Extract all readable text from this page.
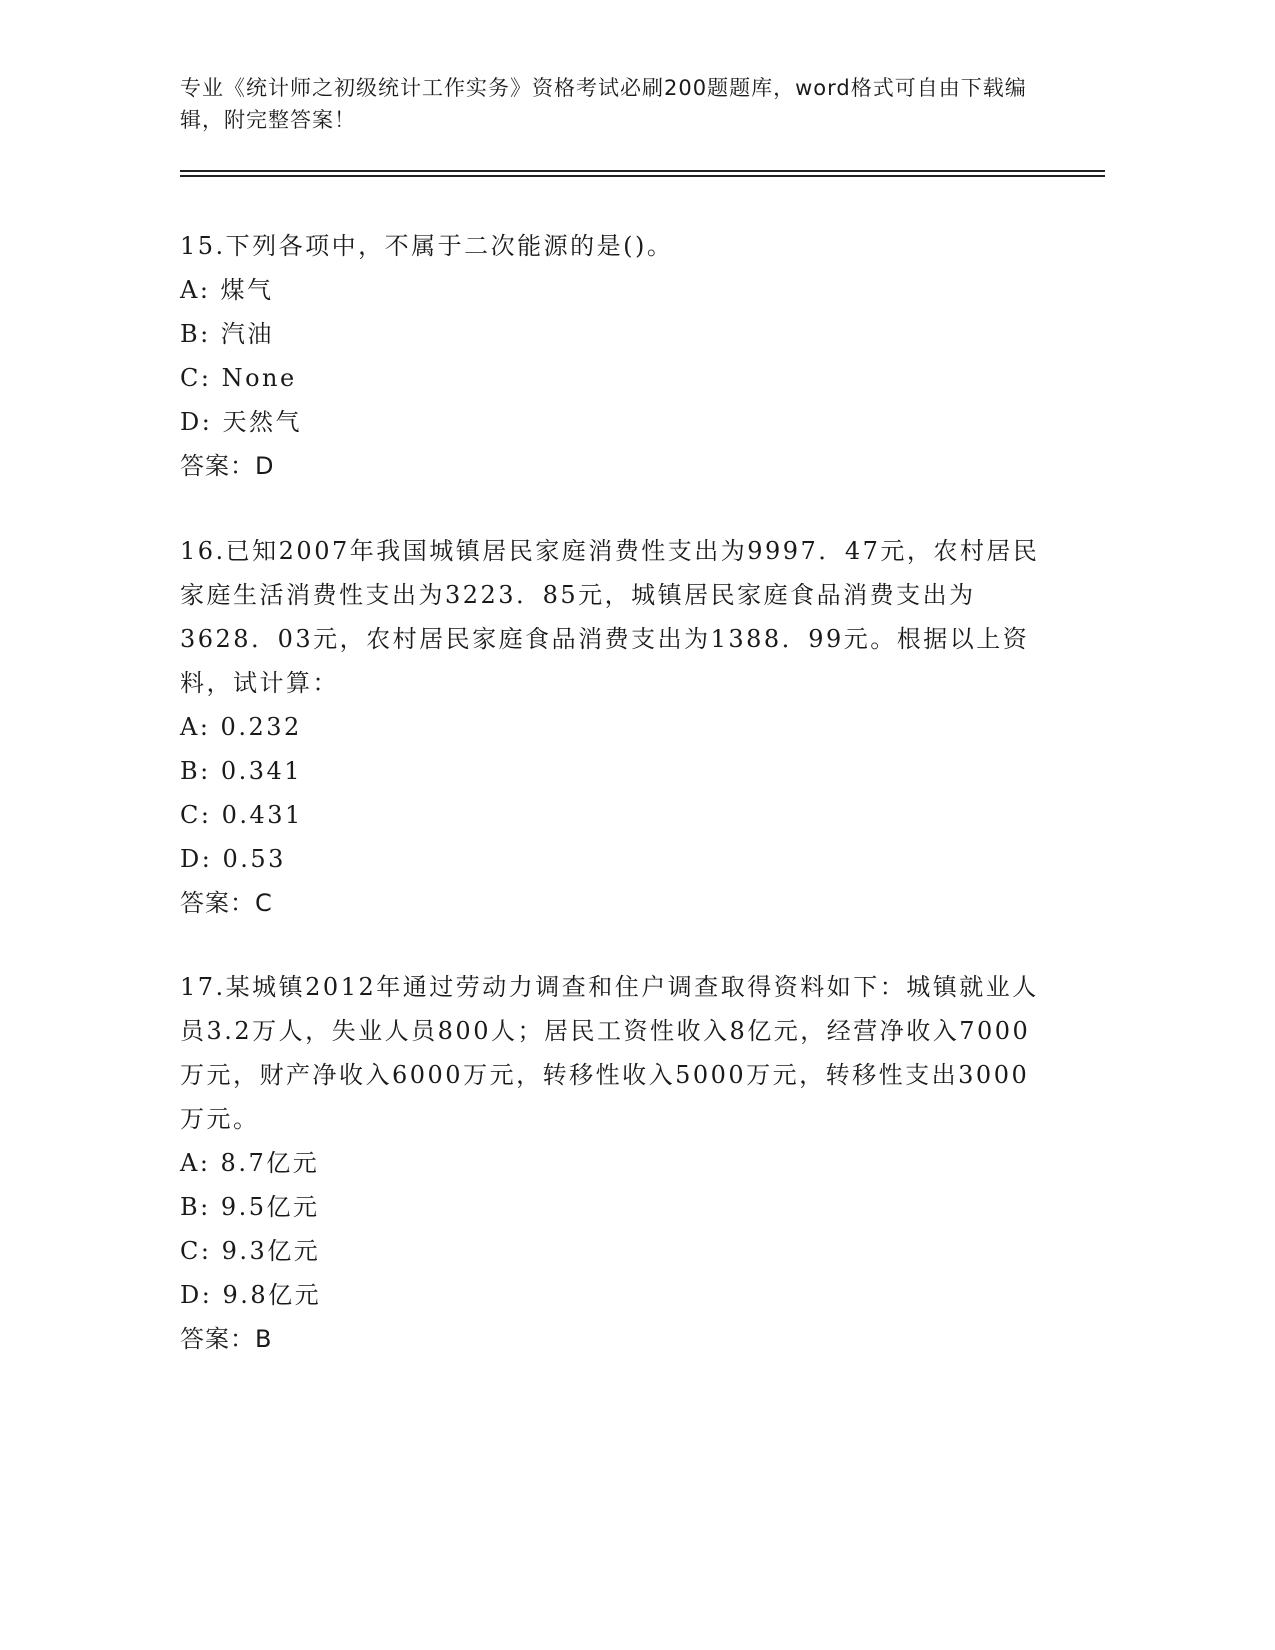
专业《统计师之初级统计工作实务》资格考试必刷200题题库，word格式可自由下载编辑，附完整答案！

15.下列各项中，不属于二次能源的是()。

A: 煤气

B: 汽油

C: None

D: 天然气

答案：D

16.已知2007年我国城镇居民家庭消费性支出为9997．47元，农村居民家庭生活消费性支出为3223．85元，城镇居民家庭食品消费支出为3628．03元，农村居民家庭食品消费支出为1388．99元。根据以上资料，试计算：

A: 0.232

B: 0.341

C: 0.431

D: 0.53

答案：C

17.某城镇2012年通过劳动力调查和住户调查取得资料如下：城镇就业人员3.2万人，失业人员800人；居民工资性收入8亿元，经营净收入7000万元，财产净收入6000万元，转移性收入5000万元，转移性支出3000万元。

A: 8.7亿元

B: 9.5亿元

C: 9.3亿元

D: 9.8亿元

答案：B
